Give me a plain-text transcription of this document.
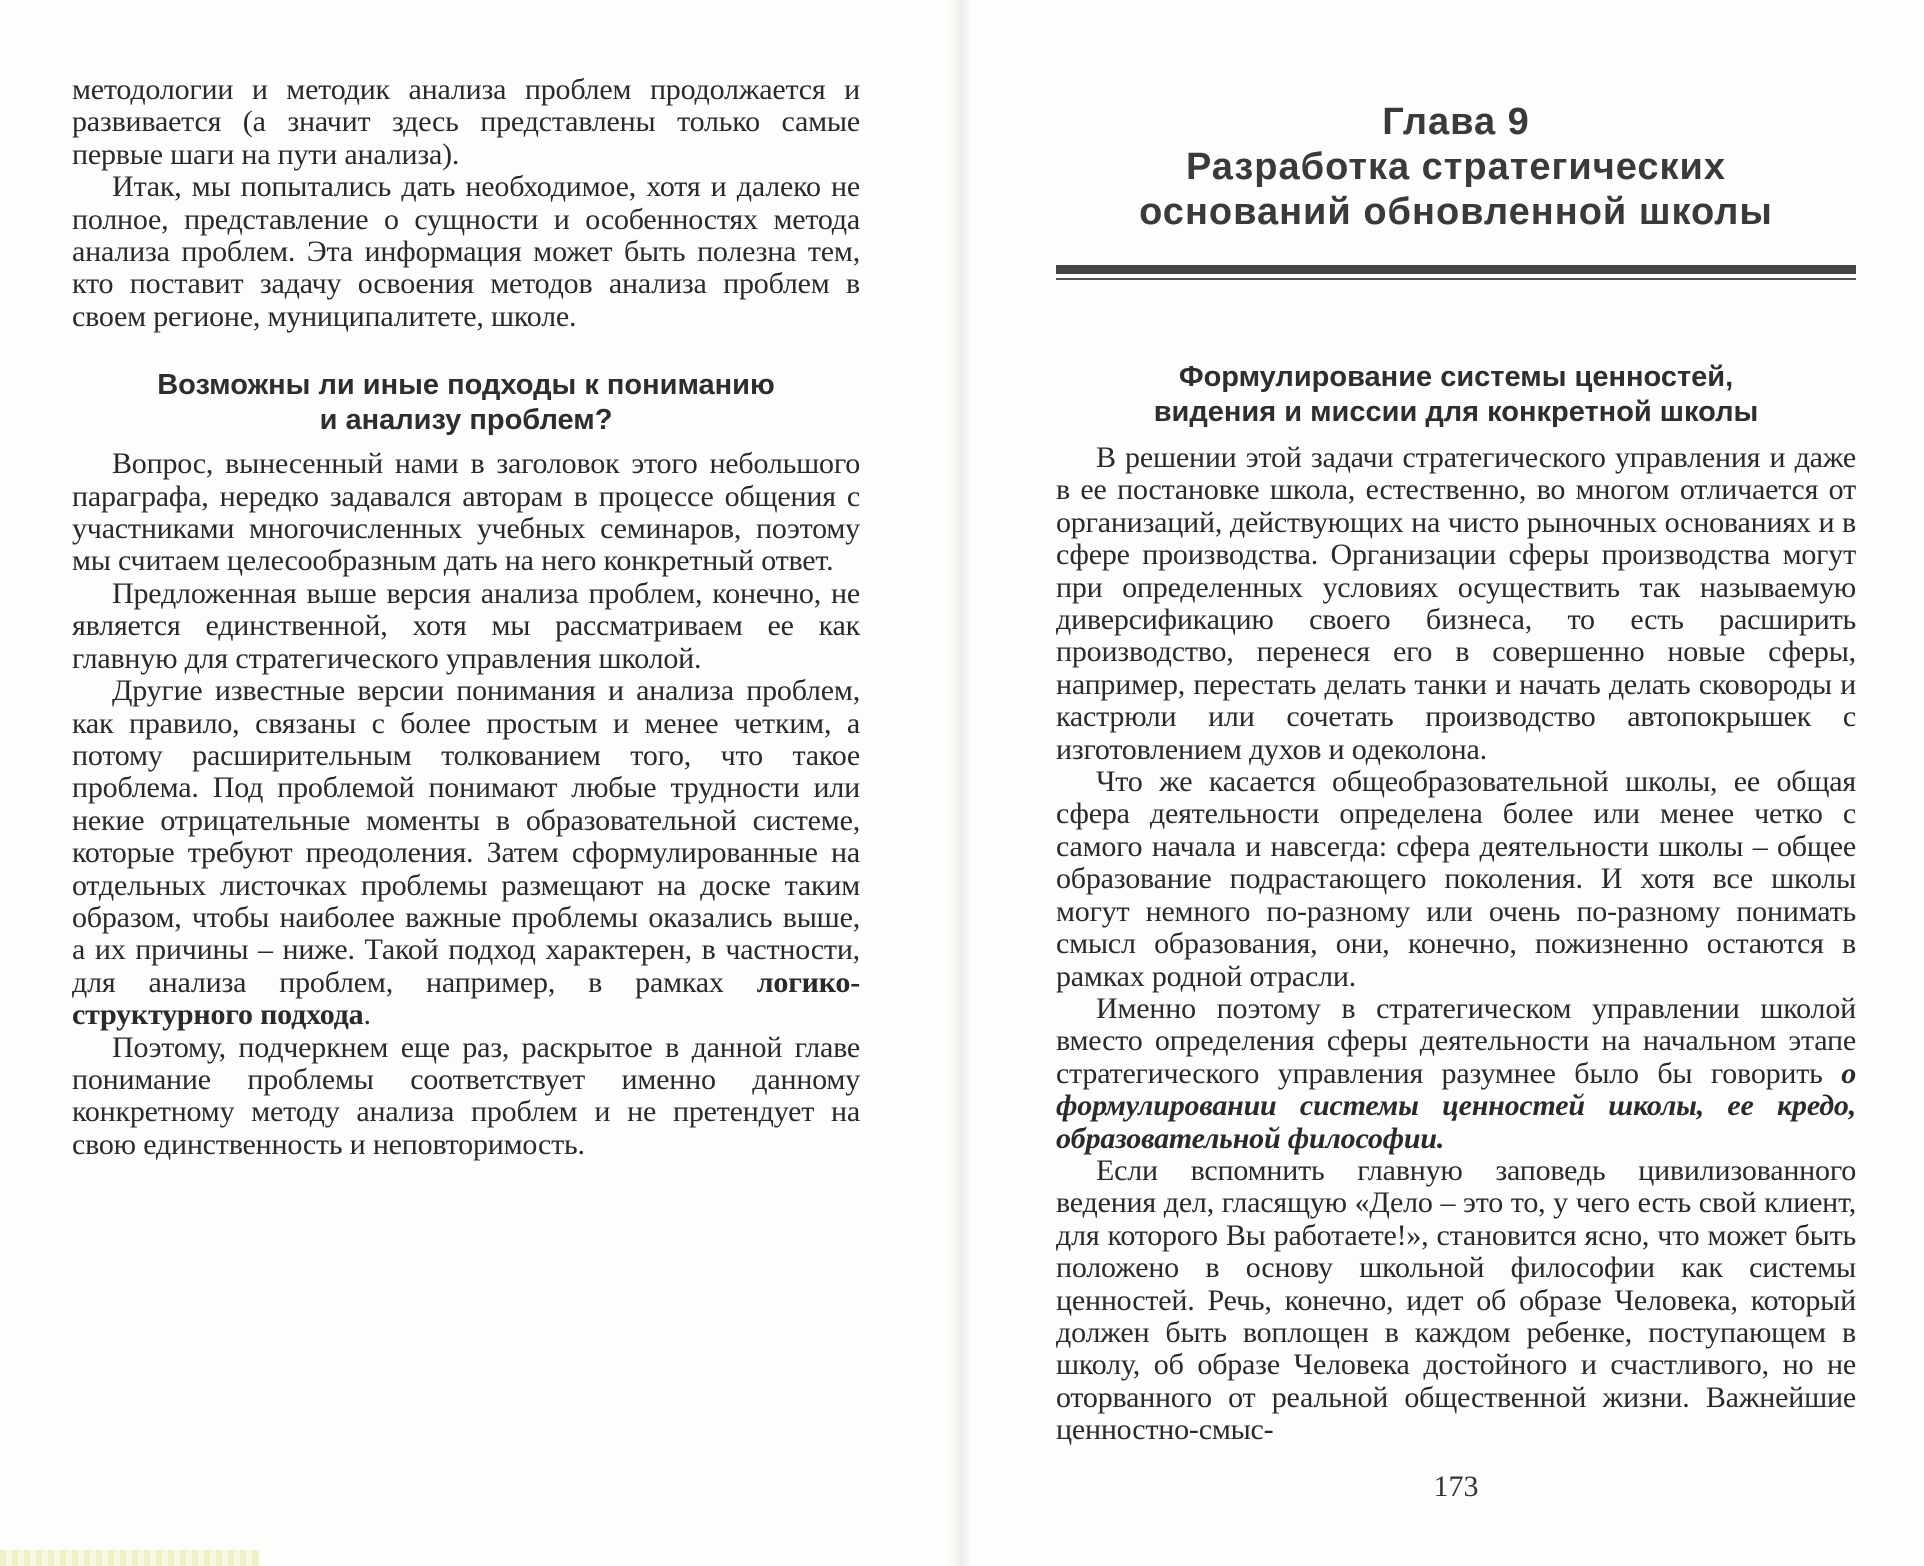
методологии и методик анализа проблем продолжается и развивается (а значит здесь представлены только самые первые шаги на пути анализа).

Итак, мы попытались дать необходимое, хотя и далеко не полное, представление о сущности и особенностях метода анализа проблем. Эта информация может быть полезна тем, кто поставит задачу освоения методов анализа проблем в своем регионе, муниципалитете, школе.

Возможны ли иные подходы к пониманию
и анализу проблем?

Вопрос, вынесенный нами в заголовок этого небольшого параграфа, нередко задавался авторам в процессе общения с участниками многочисленных учебных семинаров, поэтому мы считаем целесообразным дать на него конкретный ответ.

Предложенная выше версия анализа проблем, конечно, не является единственной, хотя мы рассматриваем ее как главную для стратегического управления школой.

Другие известные версии понимания и анализа проблем, как правило, связаны с более простым и менее четким, а потому расширительным толкованием того, что такое проблема. Под проблемой понимают любые трудности или некие отрицательные моменты в образовательной системе, которые требуют преодоления. Затем сформулированные на отдельных листочках проблемы размещают на доске таким образом, чтобы наиболее важные проблемы оказались выше, а их причины – ниже. Такой подход характерен, в частности, для анализа проблем, например, в рамках логико-структурного подхода.

Поэтому, подчеркнем еще раз, раскрытое в данной главе понимание проблемы соответствует именно данному конкретному методу анализа проблем и не претендует на свою единственность и неповторимость.

Глава 9
Разработка стратегических
оснований обновленной школы
Формулирование системы ценностей,
видения и миссии для конкретной школы

В решении этой задачи стратегического управления и даже в ее постановке школа, естественно, во многом отличается от организаций, действующих на чисто рыночных основаниях и в сфере производства. Организации сферы производства могут при определенных условиях осуществить так называемую диверсификацию своего бизнеса, то есть расширить производство, перенеся его в совершенно новые сферы, например, перестать делать танки и начать делать сковороды и кастрюли или сочетать производство автопокрышек с изготовлением духов и одеколона.

Что же касается общеобразовательной школы, ее общая сфера деятельности определена более или менее четко с самого начала и навсегда: сфера деятельности школы – общее образование подрастающего поколения. И хотя все школы могут немного по-разному или очень по-разному понимать смысл образования, они, конечно, пожизненно остаются в рамках родной отрасли.

Именно поэтому в стратегическом управлении школой вместо определения сферы деятельности на начальном этапе стратегического управления разумнее было бы говорить о формулировании системы ценностей школы, ее кредо, образовательной философии.

Если вспомнить главную заповедь цивилизованного ведения дел, гласящую «Дело – это то, у чего есть свой клиент, для которого Вы работаете!», становится ясно, что может быть положено в основу школьной философии как системы ценностей. Речь, конечно, идет об образе Человека, который должен быть воплощен в каждом ребенке, поступающем в школу, об образе Человека достойного и счастливого, но не оторванного от реальной общественной жизни. Важнейшие ценностно-смыс-

173
